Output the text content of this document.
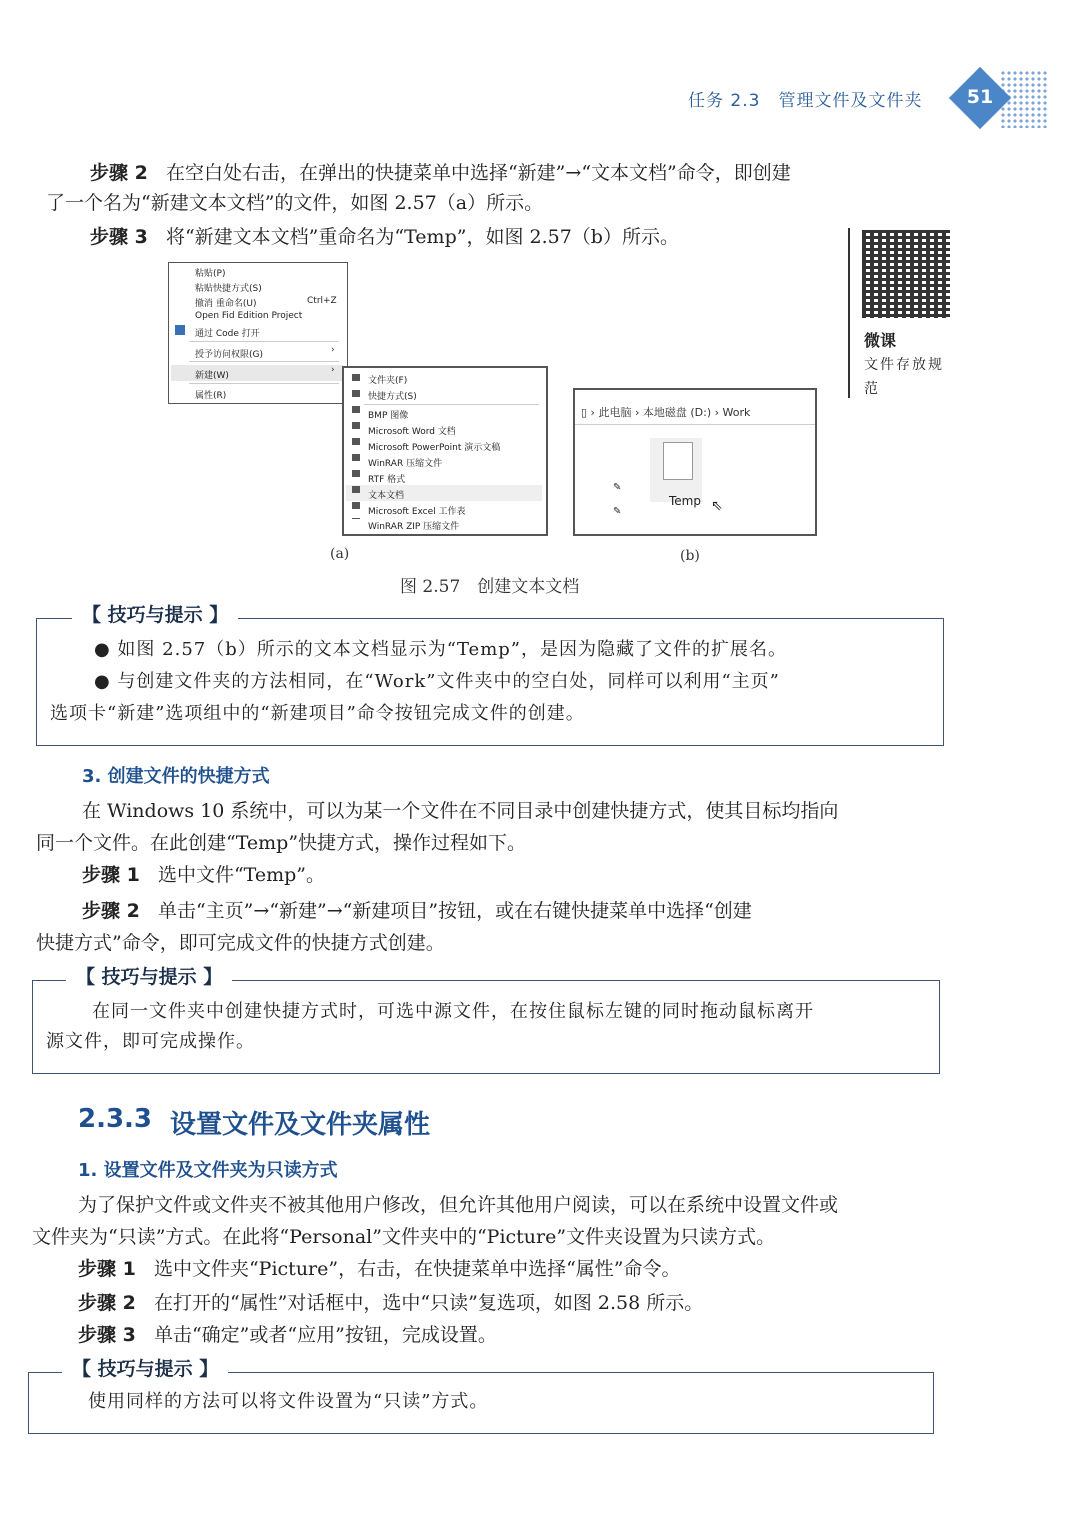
任务 2.3　管理文件及文件夹	51

步骤 2 在空白处右击，在弹出的快捷菜单中选择“新建”→“文本文档”命令，即创建

了一个名为“新建文本文档”的文件，如图 2.57（a）所示。

步骤 3 将“新建文本文档”重命名为“Temp”，如图 2.57（b）所示。

微课
文件存放规
范
粘贴(P)
粘贴快捷方式(S)
撤消 重命名(U)	Ctrl+Z
Open Fid Edition Project
通过 Code 打开
授予访问权限(G)	›
新建(W)
›
属性(R)
文件夹(F)
快捷方式(S)
BMP 图像
Microsoft Word 文档
Microsoft PowerPoint 演示文稿
WinRAR 压缩文件
RTF 格式
文本文档
Microsoft Excel 工作表
WinRAR ZIP 压缩文件
(a)
▯ › 此电脑 › 本地磁盘 (D:) › Work
Temp ⇖
✎
✎
(b)
图 2.57　创建文本文档
【 技巧与提示 】

● 如图 2.57（b）所示的文本文档显示为“Temp”，是因为隐藏了文件的扩展名。

● 与创建文件夹的方法相同，在“Work”文件夹中的空白处，同样可以利用“主页”

选项卡“新建”选项组中的“新建项目”命令按钮完成文件的创建。

3. 创建文件的快捷方式

在 Windows 10 系统中，可以为某一个文件在不同目录中创建快捷方式，使其目标均指向

同一个文件。在此创建“Temp”快捷方式，操作过程如下。

步骤 1 选中文件“Temp”。

步骤 2 单击“主页”→“新建”→“新建项目”按钮，或在右键快捷菜单中选择“创建

快捷方式”命令，即可完成文件的快捷方式创建。

【 技巧与提示 】

在同一文件夹中创建快捷方式时，可选中源文件，在按住鼠标左键的同时拖动鼠标离开

源文件，即可完成操作。

2.3.3 设置文件及文件夹属性
1. 设置文件及文件夹为只读方式

为了保护文件或文件夹不被其他用户修改，但允许其他用户阅读，可以在系统中设置文件或

文件夹为“只读”方式。在此将“Personal”文件夹中的“Picture”文件夹设置为只读方式。

步骤 1 选中文件夹“Picture”，右击，在快捷菜单中选择“属性”命令。

步骤 2 在打开的“属性”对话框中，选中“只读”复选项，如图 2.58 所示。

步骤 3 单击“确定”或者“应用”按钮，完成设置。

【 技巧与提示 】

使用同样的方法可以将文件设置为“只读”方式。
